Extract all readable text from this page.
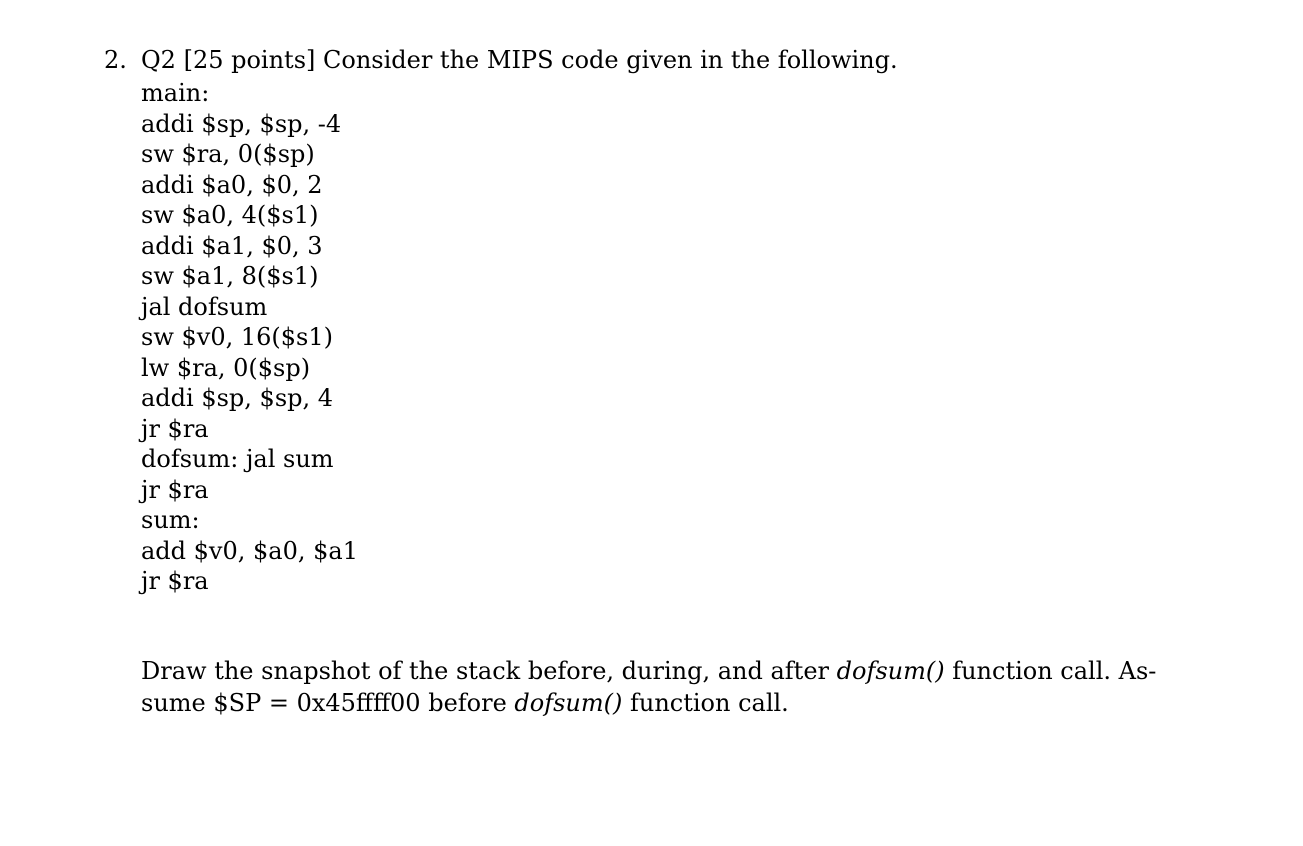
2. Q2 [25 points] Consider the MIPS code given in the following.
main:
addi $sp, $sp, -4
sw $ra, 0($sp)
addi $a0, $0, 2
sw $a0, 4($s1)
addi $a1, $0, 3
sw $a1, 8($s1)
jal dofsum
sw $v0, 16($s1)
lw $ra, 0($sp)
addi $sp, $sp, 4
jr $ra
dofsum: jal sum
jr $ra
sum:
add $v0, $a0, $a1
jr $ra

Draw the snapshot of the stack before, during, and after dofsum() function call. As-

sume $SP = 0x45ffff00 before dofsum() function call.
